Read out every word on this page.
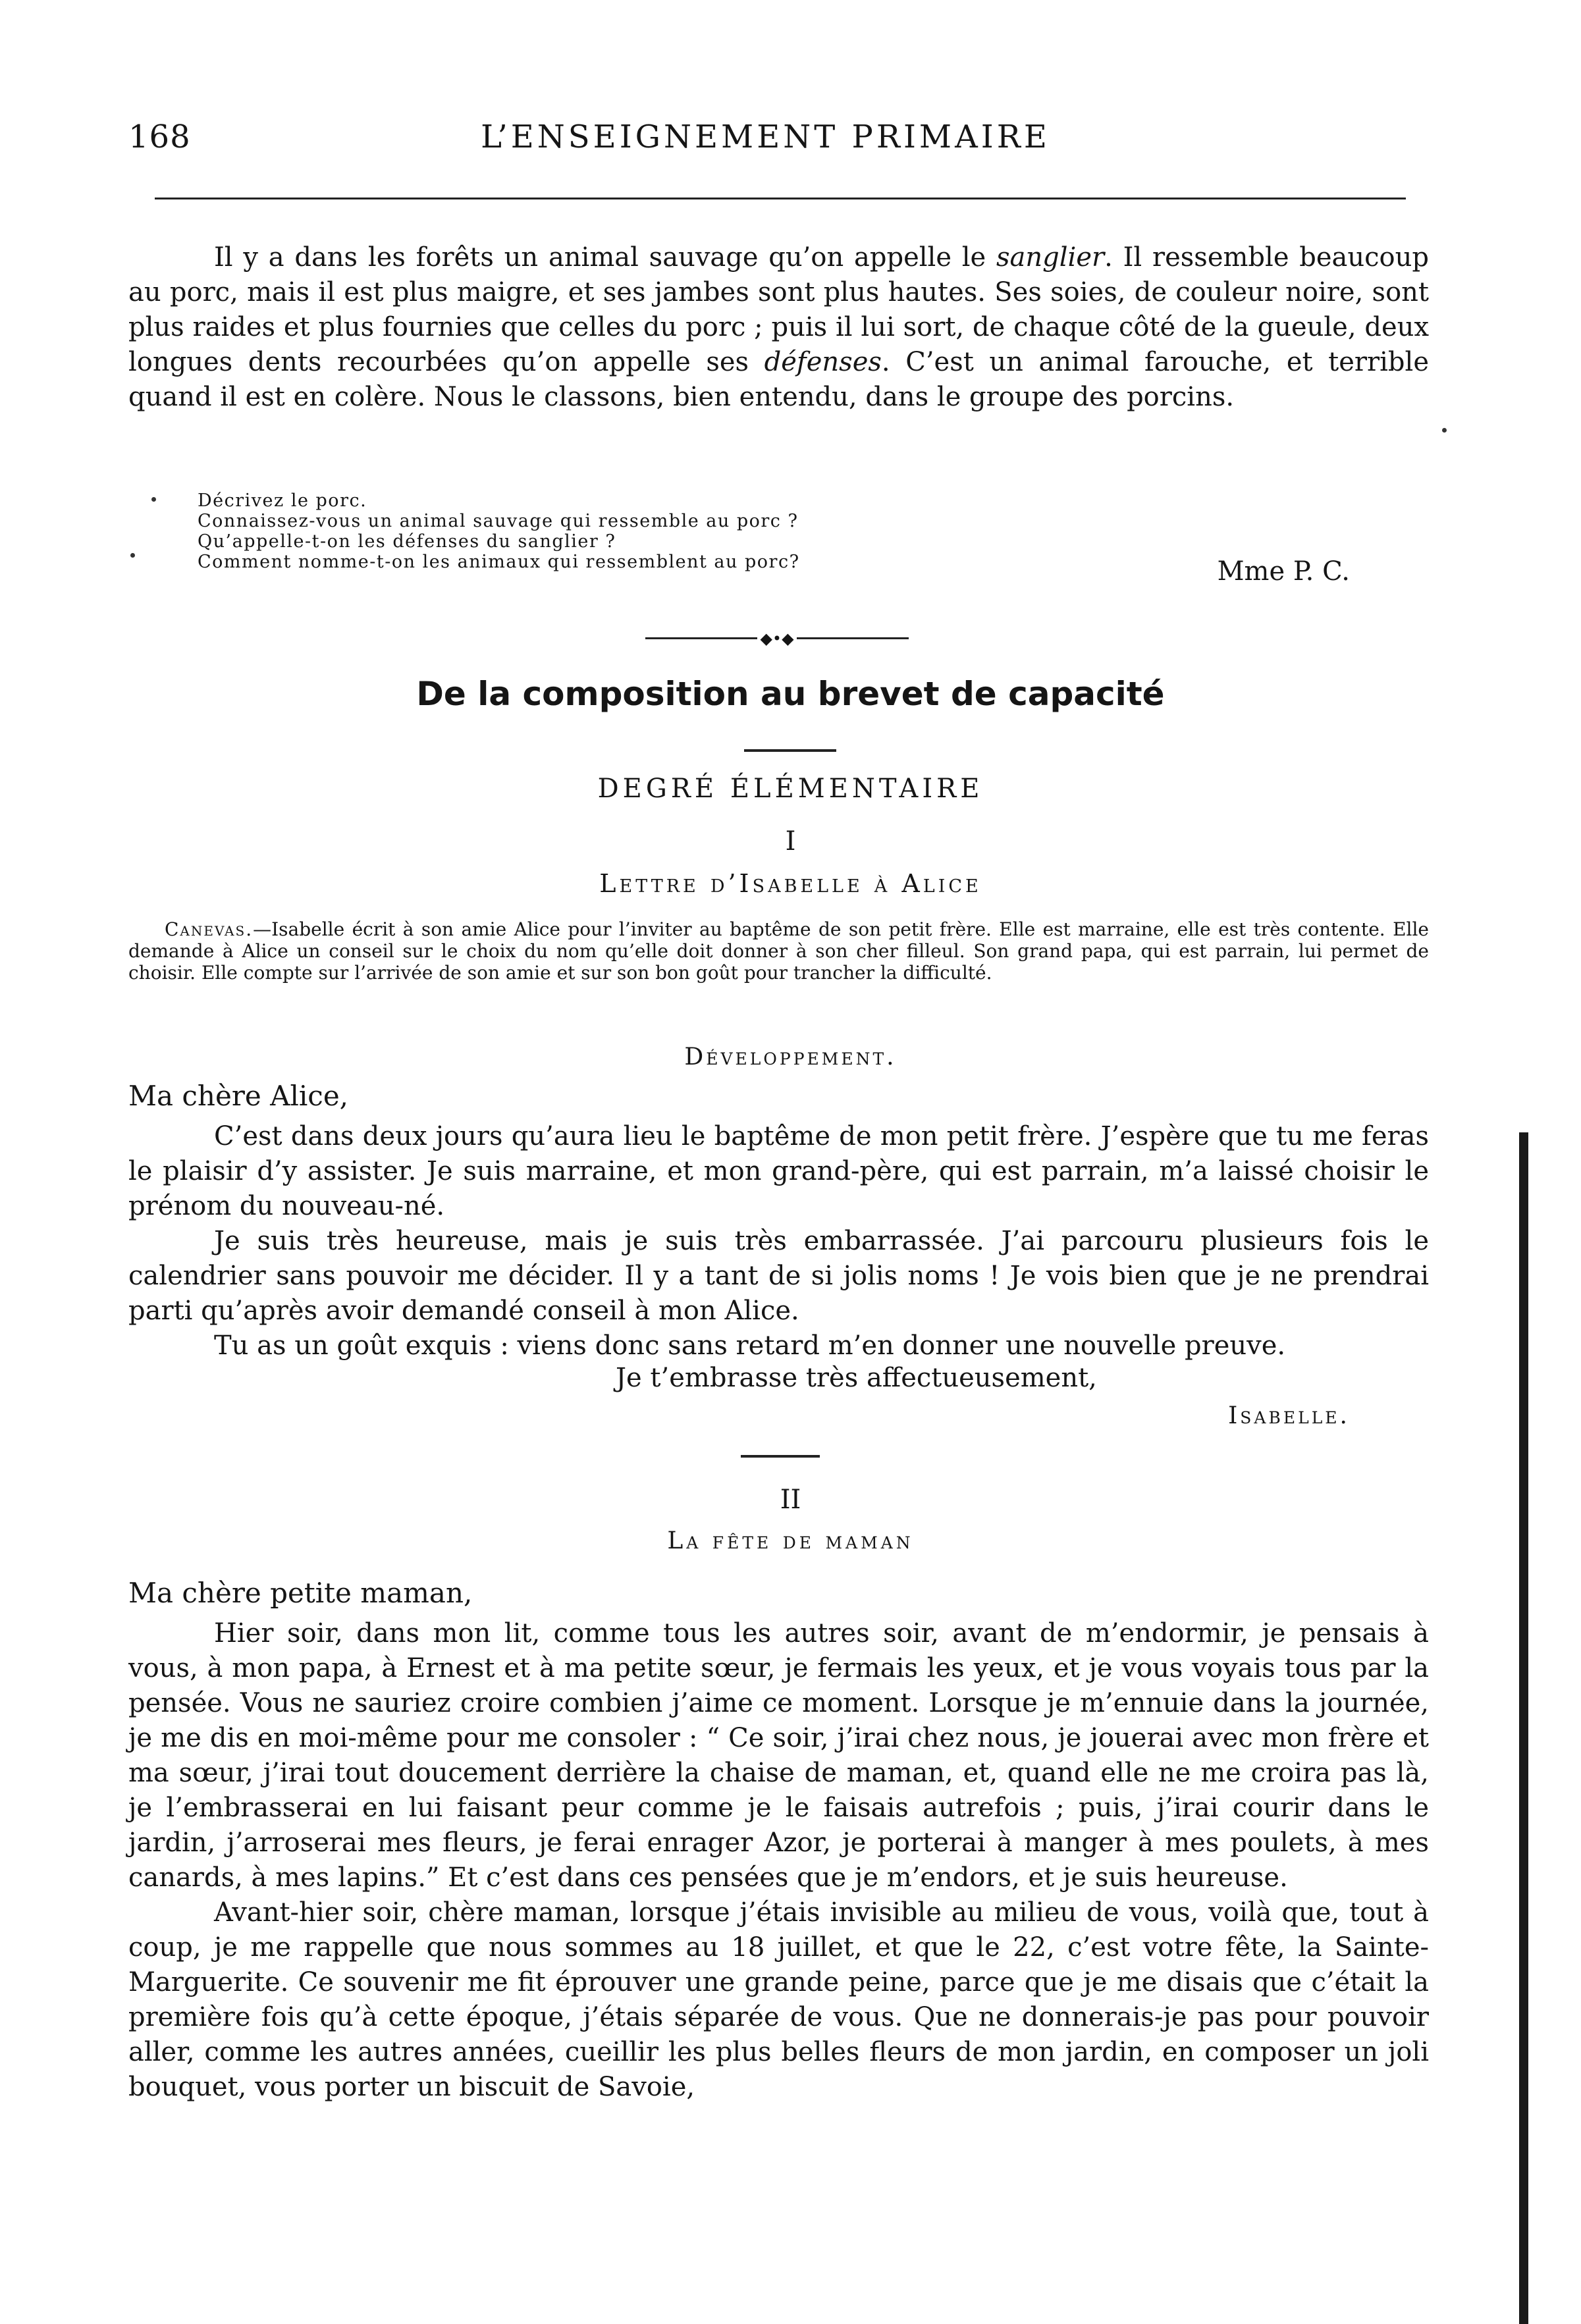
168	L’ENSEIGNEMENT PRIMAIRE

Il y a dans les forêts un animal sauvage qu’on appelle le sanglier. Il ressemble beaucoup au porc, mais il est plus maigre, et ses jambes sont plus hautes. Ses soies, de couleur noire, sont plus raides et plus fournies que celles du porc ; puis il lui sort, de chaque côté de la gueule, deux longues dents recourbées qu’on appelle ses défenses. C’est un animal farouche, et terrible quand il est en colère. Nous le classons, bien entendu, dans le groupe des porcins.

Décrivez le porc.
Connaissez-vous un animal sauvage qui ressemble au porc ?
Qu’appelle-t-on les défenses du sanglier ?
Comment nomme-t-on les animaux qui ressemblent au porc?	Mme P. C.
◆•◆
De la composition au brevet de capacité
DEGRÉ ÉLÉMENTAIRE
I
Lettre d’Isabelle à Alice
Canevas.—Isabelle écrit à son amie Alice pour l’inviter au baptême de son petit frère. Elle est marraine, elle est très contente. Elle demande à Alice un conseil sur le choix du nom qu’elle doit donner à son cher filleul. Son grand papa, qui est parrain, lui permet de choisir. Elle compte sur l’arrivée de son amie et sur son bon goût pour trancher la difficulté.
Développement.
Ma chère Alice,

C’est dans deux jours qu’aura lieu le baptême de mon petit frère. J’espère que tu me feras le plaisir d’y assister. Je suis marraine, et mon grand-père, qui est parrain, m’a laissé choisir le prénom du nouveau-né.

Je suis très heureuse, mais je suis très embarrassée. J’ai parcouru plusieurs fois le calendrier sans pouvoir me décider. Il y a tant de si jolis noms ! Je vois bien que je ne prendrai parti qu’après avoir demandé conseil à mon Alice.

Tu as un goût exquis : viens donc sans retard m’en donner une nouvelle preuve.

Je t’embrasse très affectueusement,
Isabelle.
II
La fête de maman
Ma chère petite maman,

Hier soir, dans mon lit, comme tous les autres soir, avant de m’endormir, je pensais à vous, à mon papa, à Ernest et à ma petite sœur, je fermais les yeux, et je vous voyais tous par la pensée. Vous ne sauriez croire combien j’aime ce moment. Lorsque je m’ennuie dans la journée, je me dis en moi-même pour me consoler : “ Ce soir, j’irai chez nous, je jouerai avec mon frère et ma sœur, j’irai tout doucement derrière la chaise de maman, et, quand elle ne me croira pas là, je l’embrasserai en lui faisant peur comme je le faisais autrefois ; puis, j’irai courir dans le jardin, j’arroserai mes fleurs, je ferai enrager Azor, je porterai à manger à mes poulets, à mes canards, à mes lapins.” Et c’est dans ces pensées que je m’endors, et je suis heureuse.

Avant-hier soir, chère maman, lorsque j’étais invisible au milieu de vous, voilà que, tout à coup, je me rappelle que nous sommes au 18 juillet, et que le 22, c’est votre fête, la Sainte-Marguerite. Ce souvenir me fit éprouver une grande peine, parce que je me disais que c’était la première fois qu’à cette époque, j’étais séparée de vous. Que ne donnerais-je pas pour pouvoir aller, comme les autres années, cueillir les plus belles fleurs de mon jardin, en composer un joli bouquet, vous porter un biscuit de Savoie,
